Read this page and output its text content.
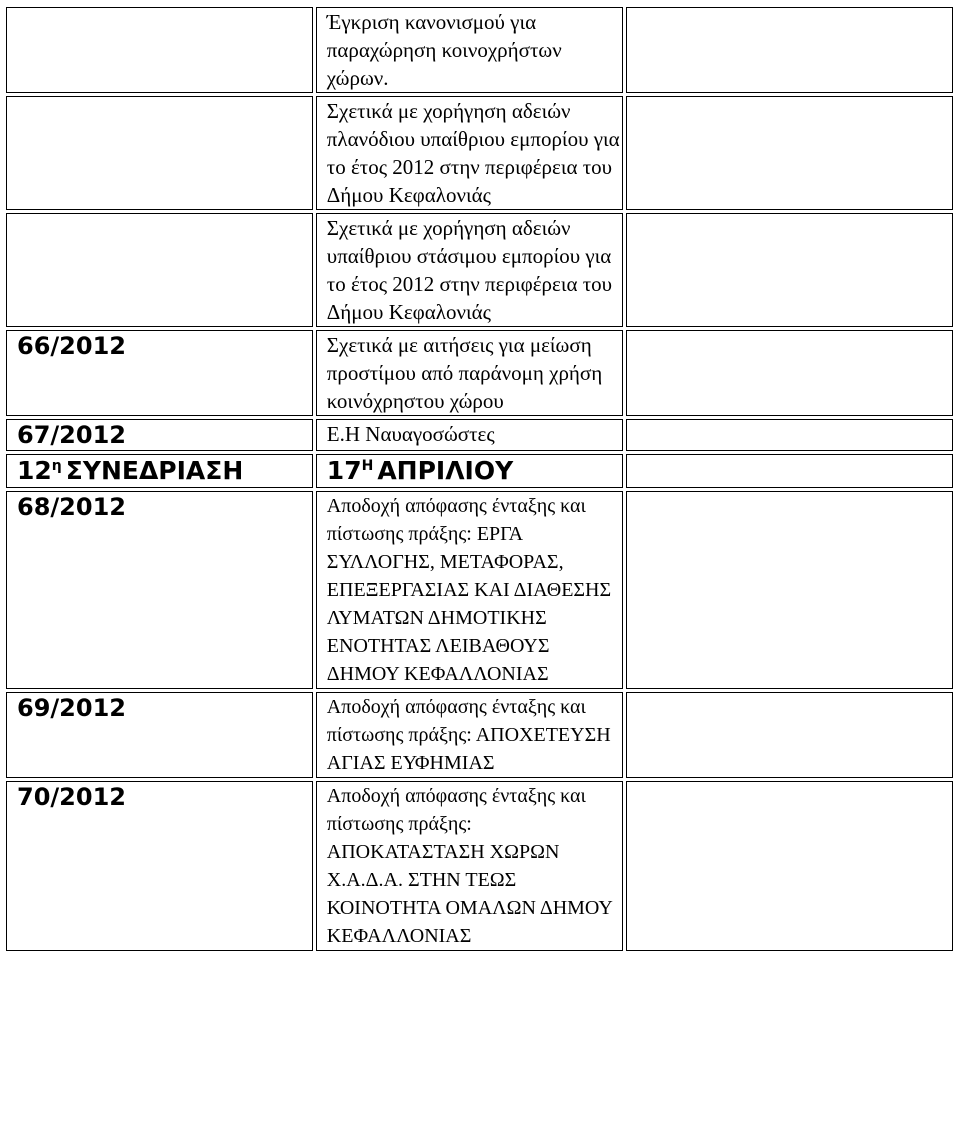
	Έγκριση κανονισμού για παραχώρηση κοινοχρήστων χώρων.	
	Σχετικά με χορήγηση αδειών πλανόδιου υπαίθριου εμπορίου για το έτος 2012 στην περιφέρεια του Δήμου Κεφαλονιάς	
	Σχετικά με χορήγηση αδειών υπαίθριου στάσιμου εμπορίου για το έτος 2012 στην περιφέρεια του Δήμου Κεφαλονιάς	
66/2012	Σχετικά με αιτήσεις για μείωση προστίμου από παράνομη χρήση κοινόχρηστου χώρου	
67/2012	Ε.Η Ναυαγοσώστες	
$12^\eta$ ΣΥΝΕΔΡΙΑΣΗ	$17^H$ ΑΠΡΙΛΙΟΥ	
68/2012	Αποδοχή απόφασης ένταξης και πίστωσης πράξης: ΕΡΓΑ ΣΥΛΛΟΓΗΣ, ΜΕΤΑΦΟΡΑΣ, ΕΠΕΞΕΡΓΑΣΙΑΣ ΚΑΙ ΔΙΑΘΕΣΗΣ ΛΥΜΑΤΩΝ ΔΗΜΟΤΙΚΗΣ ΕΝΟΤΗΤΑΣ ΛΕΙΒΑΘΟΥΣ ΔΗΜΟΥ ΚΕΦΑΛΛΟΝΙΑΣ	
69/2012	Αποδοχή απόφασης ένταξης και πίστωσης πράξης: ΑΠΟΧΕΤΕΥΣΗ ΑΓΙΑΣ ΕΥΦΗΜΙΑΣ	
70/2012	Αποδοχή απόφασης ένταξης και πίστωσης πράξης: ΑΠΟΚΑΤΑΣΤΑΣΗ ΧΩΡΩΝ Χ.Α.Δ.Α. ΣΤΗΝ ΤΕΩΣ ΚΟΙΝΟΤΗΤΑ ΟΜΑΛΩΝ ΔΗΜΟΥ ΚΕΦΑΛΛΟΝΙΑΣ	
